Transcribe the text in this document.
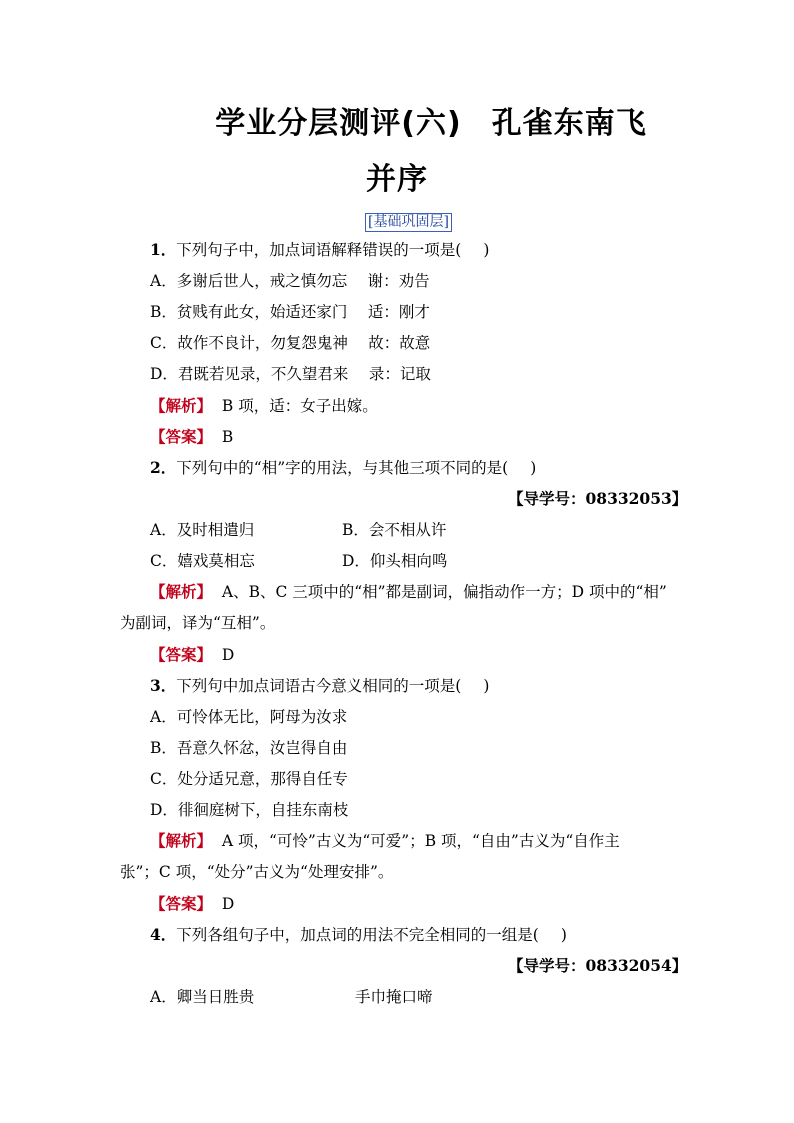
学业分层测评(六) 孔雀东南飞
并序
[基础巩固层]
1．下列句子中，加点词语解释错误的一项是( )
A．多谢后世人，戒之慎勿忘　 谢：劝告
B．贫贱有此女，始适还家门　 适：刚才
C．故作不良计，勿复怨鬼神　 故：故意
D．君既若见录，不久望君来　 录：记取
【解析】 B 项，适：女子出嫁。
【答案】 B
2．下列句中的“相”字的用法，与其他三项不同的是( )
【导学号：08332053】
A．及时相遣归	B．会不相从许
C．嬉戏莫相忘	D．仰头相向鸣
【解析】 A、B、C 三项中的“相”都是副词，偏指动作一方；D 项中的“相”
为副词，译为“互相”。
【答案】 D
3．下列句中加点词语古今意义相同的一项是( )
A．可怜体无比，阿母为汝求
B．吾意久怀忿，汝岂得自由
C．处分适兄意，那得自任专
D．徘徊庭树下，自挂东南枝
【解析】 A 项，“可怜”古义为“可爱”；B 项，“自由”古义为“自作主
张”；C 项，“处分”古义为“处理安排”。
【答案】 D
4．下列各组句子中，加点词的用法不完全相同的一组是( )
【导学号：08332054】
A．卿当日胜贵	手巾掩口啼
